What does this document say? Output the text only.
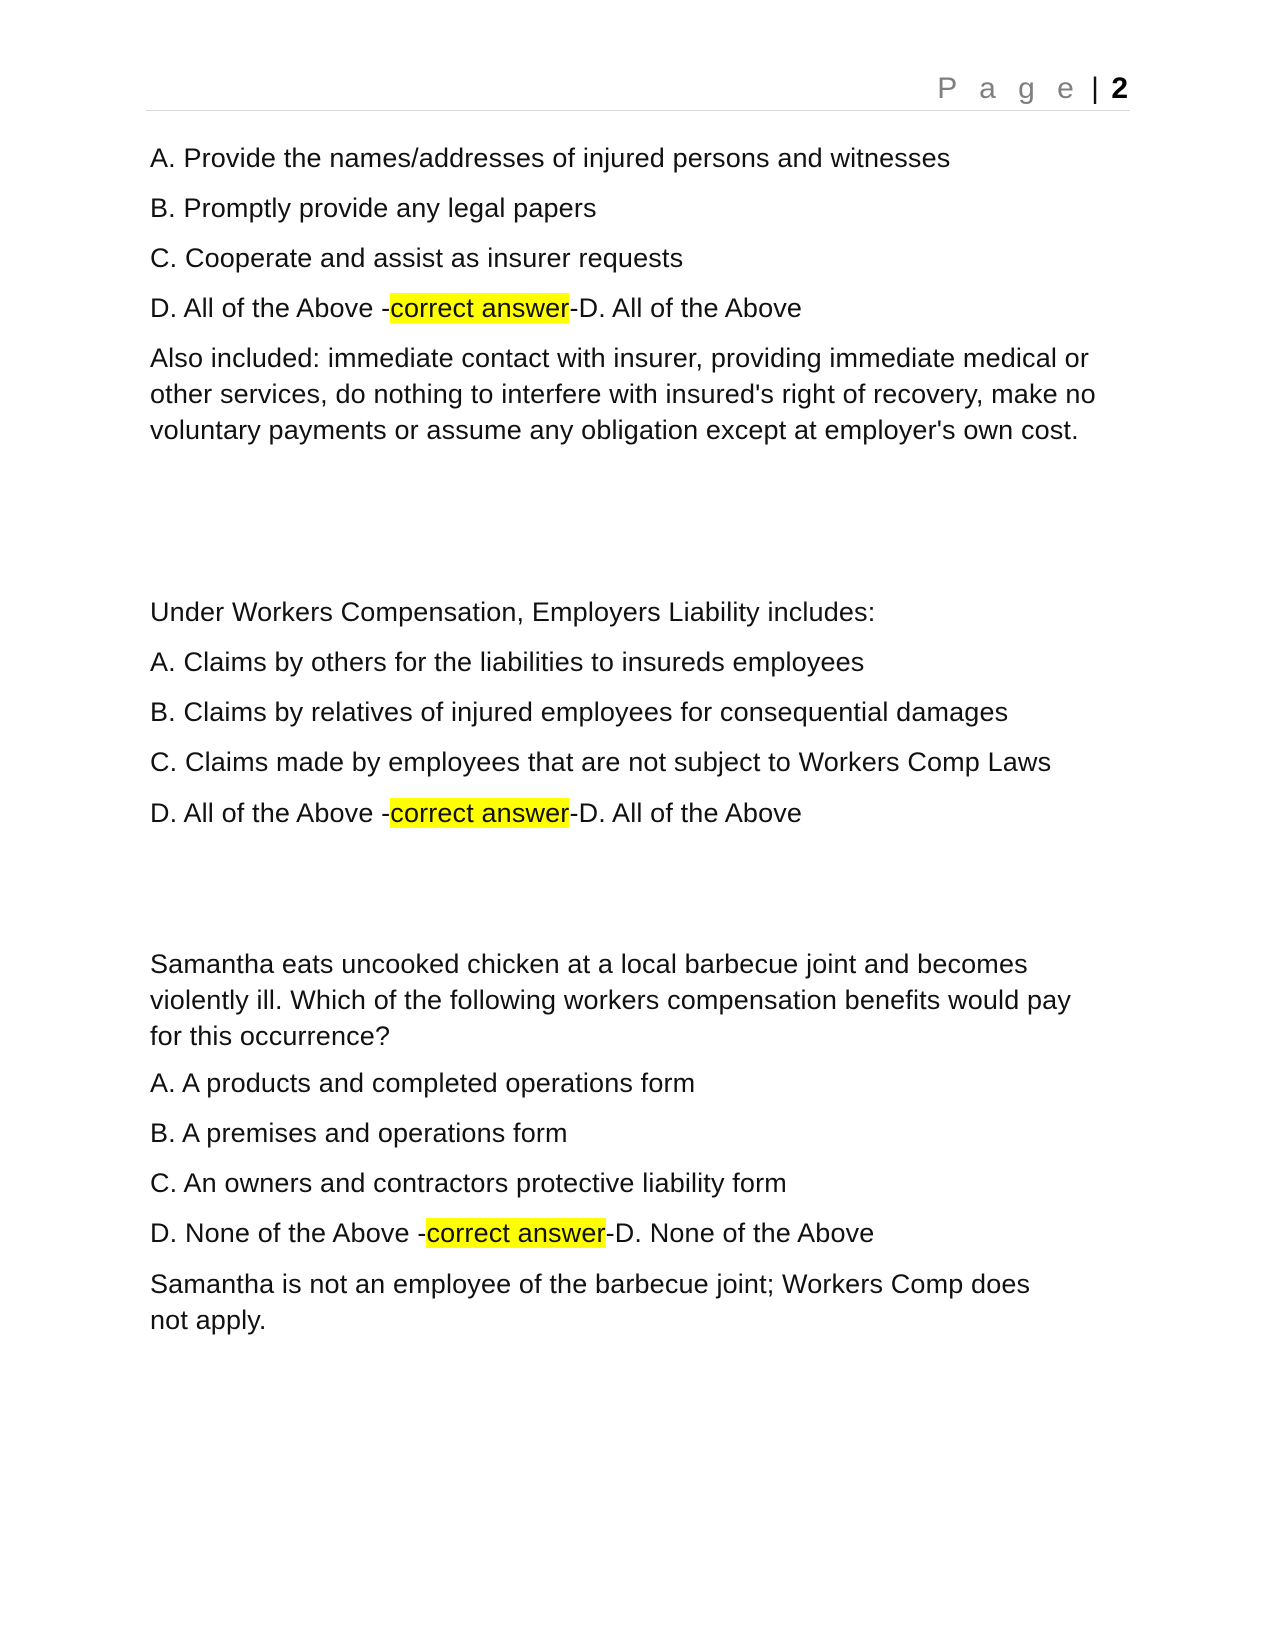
P a g e | 2
A. Provide the names/addresses of injured persons and witnesses
B. Promptly provide any legal papers
C. Cooperate and assist as insurer requests
D. All of the Above -correct answer-D. All of the Above
Also included: immediate contact with insurer, providing immediate medical or other services, do nothing to interfere with insured's right of recovery, make no voluntary payments or assume any obligation except at employer's own cost.
Under Workers Compensation, Employers Liability includes:
A. Claims by others for the liabilities to insureds employees
B. Claims by relatives of injured employees for consequential damages
C. Claims made by employees that are not subject to Workers Comp Laws
D. All of the Above -correct answer-D. All of the Above
Samantha eats uncooked chicken at a local barbecue joint and becomes violently ill. Which of the following workers compensation benefits would pay for this occurrence?
A. A products and completed operations form
B. A premises and operations form
C. An owners and contractors protective liability form
D. None of the Above -correct answer-D. None of the Above
Samantha is not an employee of the barbecue joint; Workers Comp does not apply.
